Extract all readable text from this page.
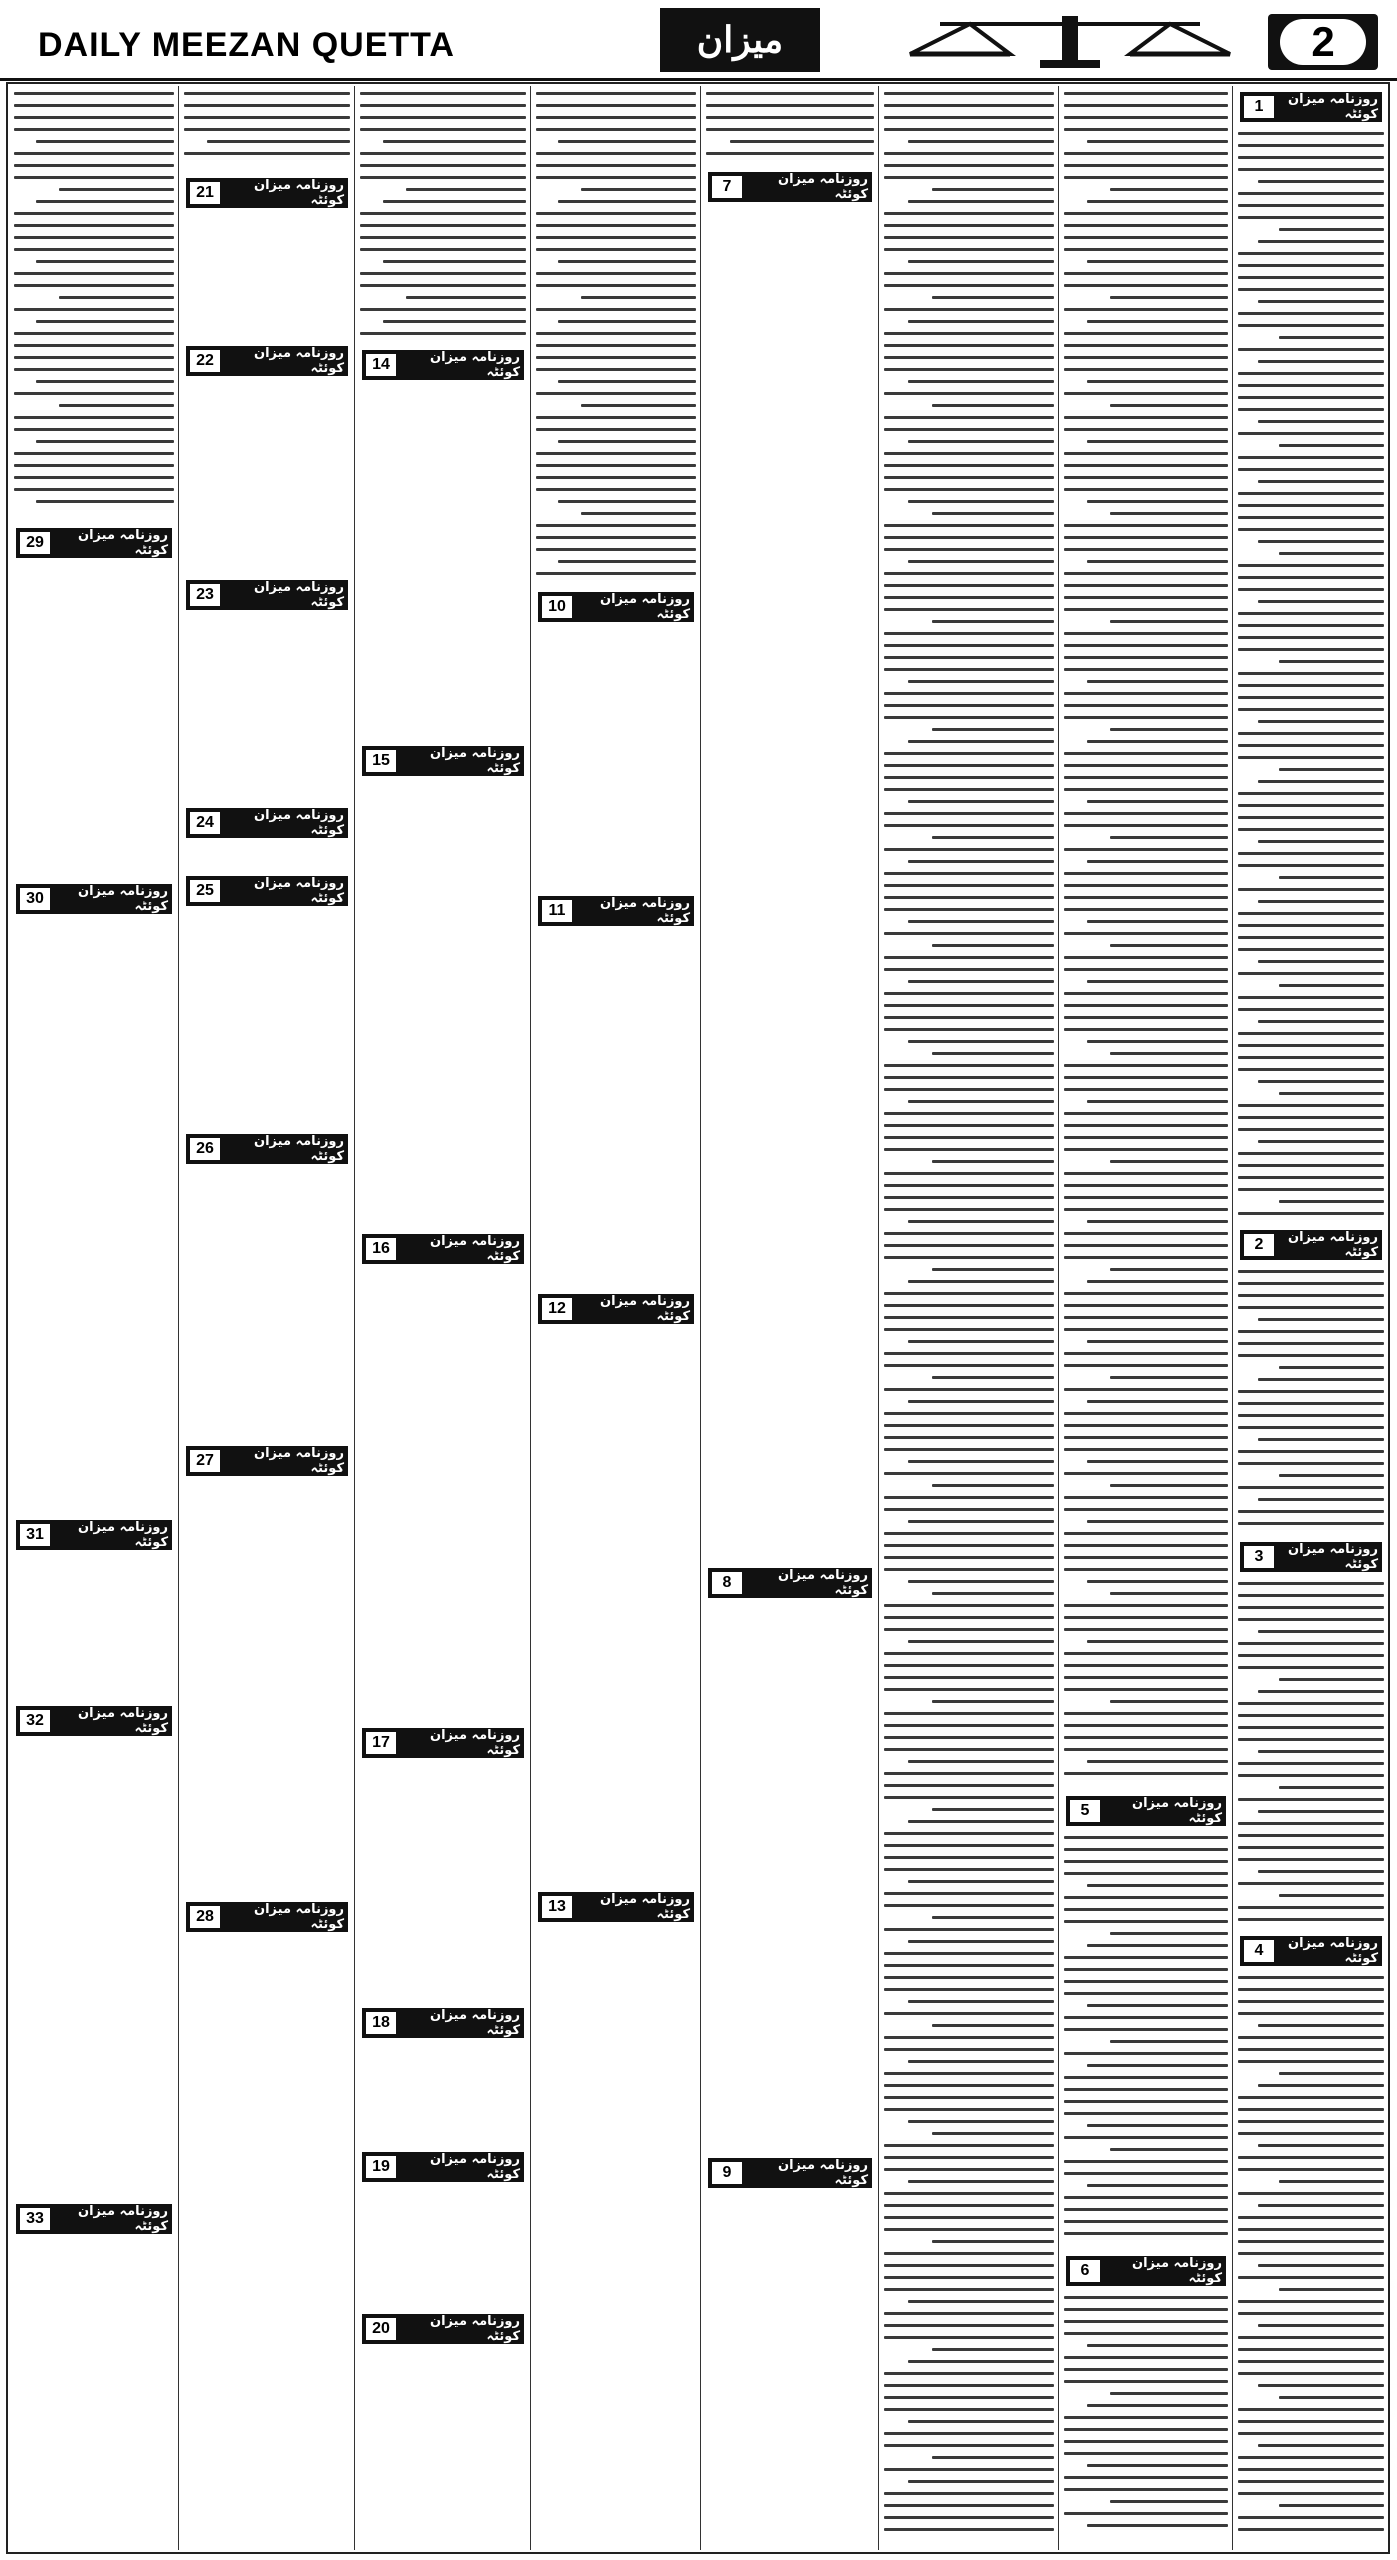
DAILY MEEZAN QUETTA	میزان	2
روزنامہ میزان کوئٹہ
1
روزنامہ میزان کوئٹہ
2
روزنامہ میزان کوئٹہ
3
روزنامہ میزان کوئٹہ
4
روزنامہ میزان کوئٹہ
5
روزنامہ میزان کوئٹہ
6
روزنامہ میزان کوئٹہ
7
روزنامہ میزان کوئٹہ
8
روزنامہ میزان کوئٹہ
9
روزنامہ میزان کوئٹہ
10
روزنامہ میزان کوئٹہ
11
روزنامہ میزان کوئٹہ
12
روزنامہ میزان کوئٹہ
13
روزنامہ میزان کوئٹہ
14
روزنامہ میزان کوئٹہ
15
روزنامہ میزان کوئٹہ
16
روزنامہ میزان کوئٹہ
17
روزنامہ میزان کوئٹہ
18
روزنامہ میزان کوئٹہ
19
روزنامہ میزان کوئٹہ
20
روزنامہ میزان کوئٹہ
21
روزنامہ میزان کوئٹہ
22
روزنامہ میزان کوئٹہ
23
روزنامہ میزان کوئٹہ
24
روزنامہ میزان کوئٹہ
25
روزنامہ میزان کوئٹہ
26
روزنامہ میزان کوئٹہ
27
روزنامہ میزان کوئٹہ
28
روزنامہ میزان کوئٹہ
29
روزنامہ میزان کوئٹہ
30
روزنامہ میزان کوئٹہ
31
روزنامہ میزان کوئٹہ
32
روزنامہ میزان کوئٹہ
33
